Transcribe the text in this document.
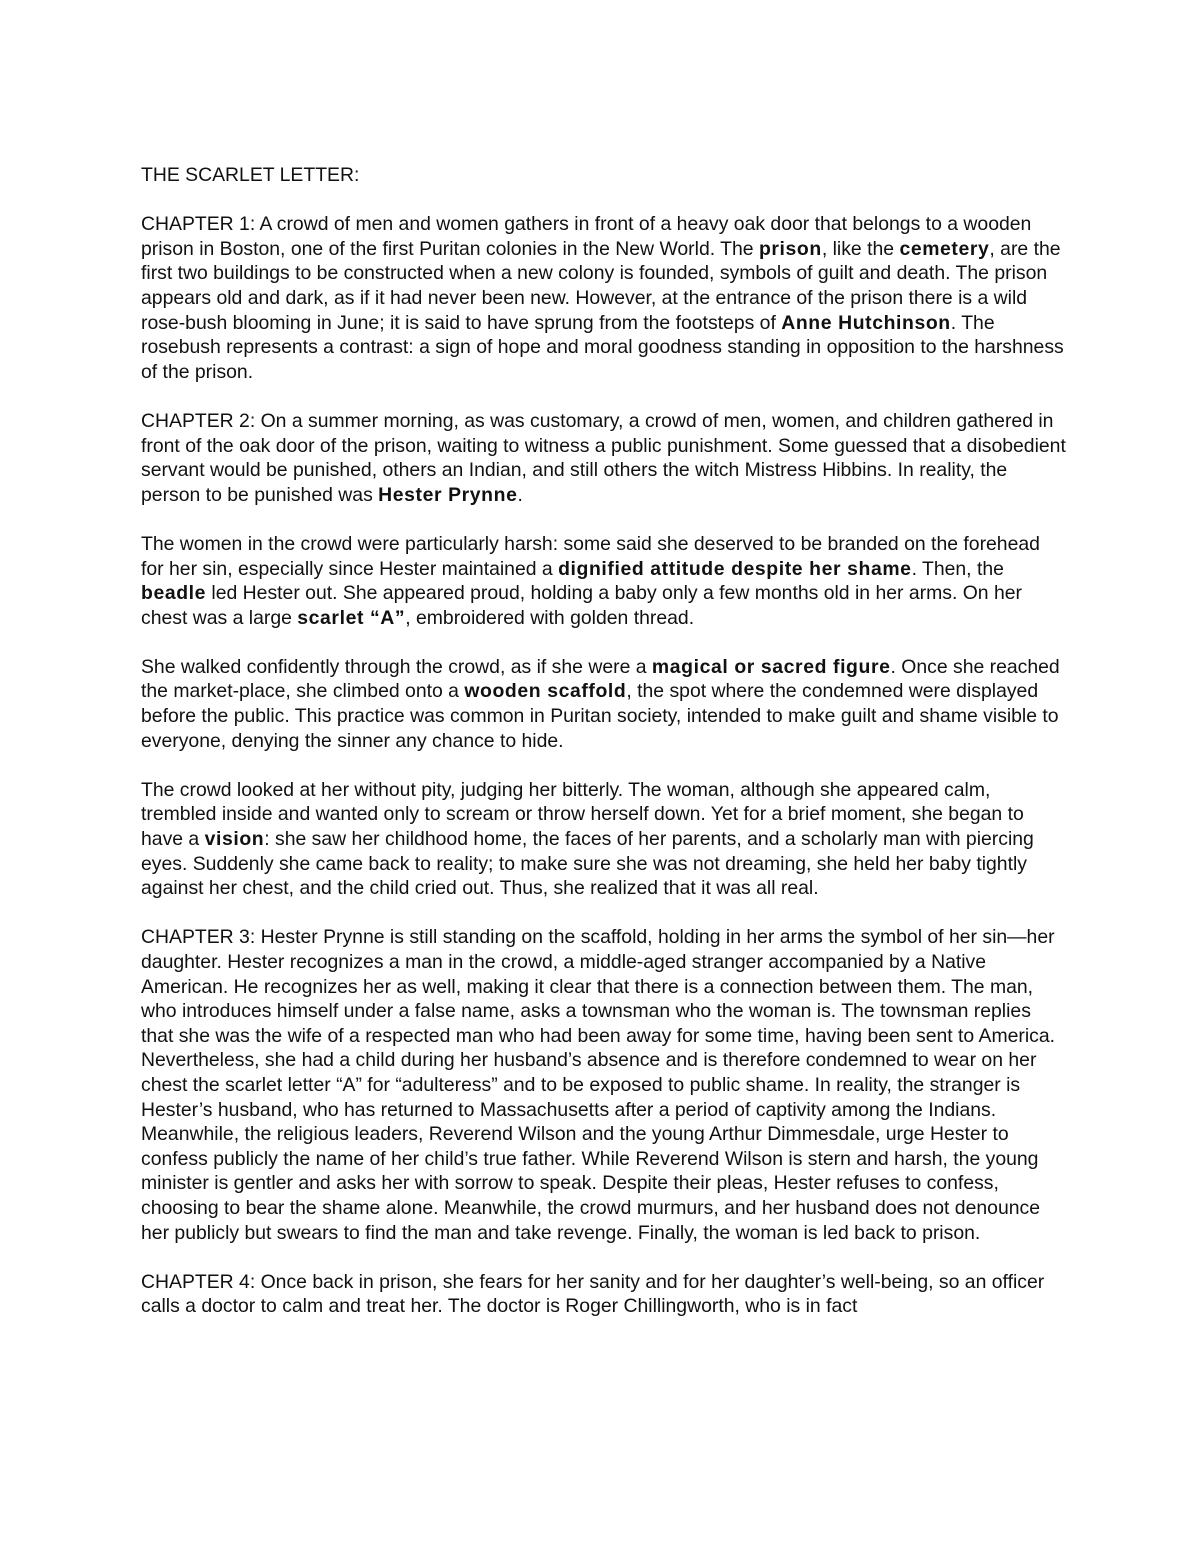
THE SCARLET LETTER:

CHAPTER 1: A crowd of men and women gathers in front of a heavy oak door that belongs to a wooden prison in Boston, one of the first Puritan colonies in the New World. The prison, like the cemetery, are the first two buildings to be constructed when a new colony is founded, symbols of guilt and death. The prison appears old and dark, as if it had never been new. However, at the entrance of the prison there is a wild rose-bush blooming in June; it is said to have sprung from the footsteps of Anne Hutchinson. The rosebush represents a contrast: a sign of hope and moral goodness standing in opposition to the harshness of the prison.

CHAPTER 2: On a summer morning, as was customary, a crowd of men, women, and children gathered in front of the oak door of the prison, waiting to witness a public punishment. Some guessed that a disobedient servant would be punished, others an Indian, and still others the witch Mistress Hibbins. In reality, the person to be punished was Hester Prynne.

The women in the crowd were particularly harsh: some said she deserved to be branded on the forehead for her sin, especially since Hester maintained a dignified attitude despite her shame. Then, the beadle led Hester out. She appeared proud, holding a baby only a few months old in her arms. On her chest was a large scarlet “A”, embroidered with golden thread.

She walked confidently through the crowd, as if she were a magical or sacred figure. Once she reached the market-place, she climbed onto a wooden scaffold, the spot where the condemned were displayed before the public. This practice was common in Puritan society, intended to make guilt and shame visible to everyone, denying the sinner any chance to hide.

The crowd looked at her without pity, judging her bitterly. The woman, although she appeared calm, trembled inside and wanted only to scream or throw herself down. Yet for a brief moment, she began to have a vision: she saw her childhood home, the faces of her parents, and a scholarly man with piercing eyes. Suddenly she came back to reality; to make sure she was not dreaming, she held her baby tightly against her chest, and the child cried out. Thus, she realized that it was all real.

CHAPTER 3: Hester Prynne is still standing on the scaffold, holding in her arms the symbol of her sin—her daughter. Hester recognizes a man in the crowd, a middle-aged stranger accompanied by a Native American. He recognizes her as well, making it clear that there is a connection between them. The man, who introduces himself under a false name, asks a townsman who the woman is. The townsman replies that she was the wife of a respected man who had been away for some time, having been sent to America. Nevertheless, she had a child during her husband’s absence and is therefore condemned to wear on her chest the scarlet letter “A” for “adulteress” and to be exposed to public shame. In reality, the stranger is Hester’s husband, who has returned to Massachusetts after a period of captivity among the Indians. Meanwhile, the religious leaders, Reverend Wilson and the young Arthur Dimmesdale, urge Hester to confess publicly the name of her child’s true father. While Reverend Wilson is stern and harsh, the young minister is gentler and asks her with sorrow to speak. Despite their pleas, Hester refuses to confess, choosing to bear the shame alone. Meanwhile, the crowd murmurs, and her husband does not denounce her publicly but swears to find the man and take revenge. Finally, the woman is led back to prison.

CHAPTER 4: Once back in prison, she fears for her sanity and for her daughter’s well-being, so an officer calls a doctor to calm and treat her. The doctor is Roger Chillingworth, who is in fact
